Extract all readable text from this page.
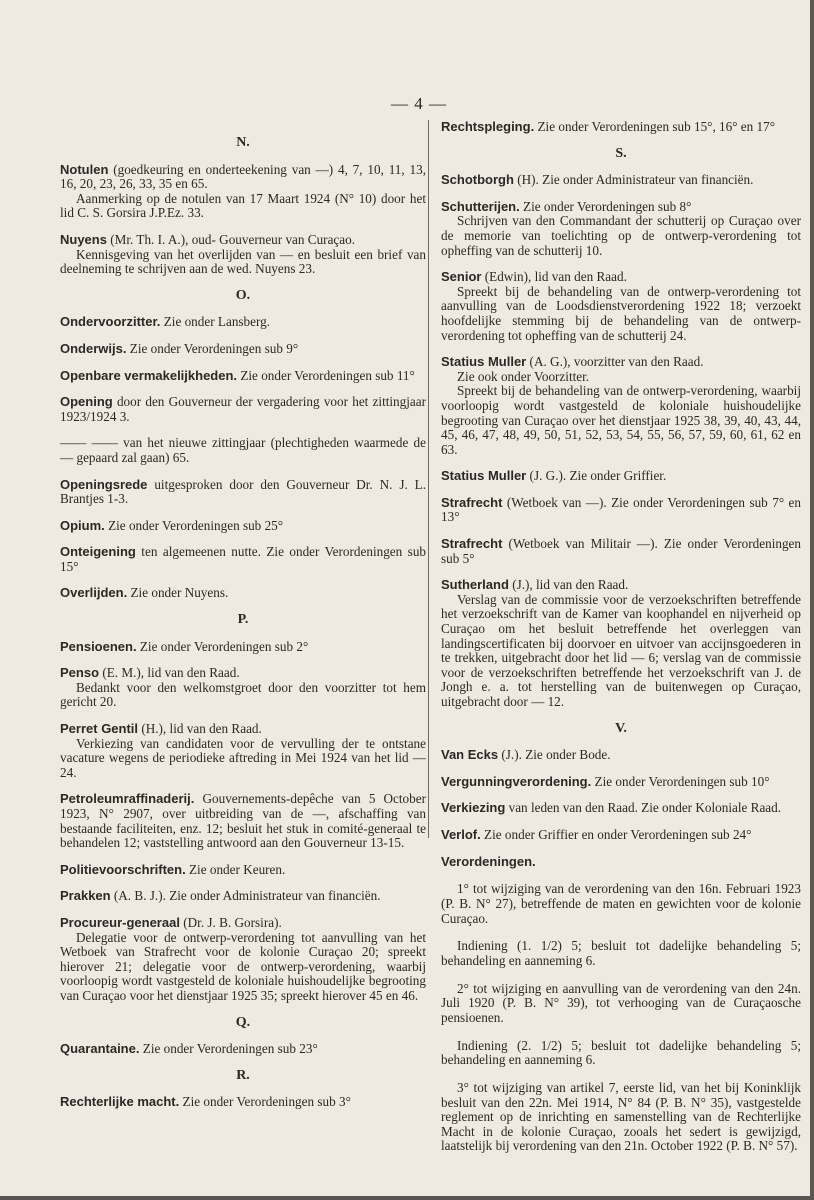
— 4 —
N.

Notulen (goedkeuring en onderteekening van —) 4, 7, 10, 11, 13, 16, 20, 23, 26, 33, 35 en 65.

Aanmerking op de notulen van 17 Maart 1924 (N° 10) door het lid C. S. Gorsira J.P.Ez. 33.

Nuyens (Mr. Th. I. A.), oud- Gouverneur van Curaçao.

Kennisgeving van het overlijden van — en besluit een brief van deelneming te schrijven aan de wed. Nuyens 23.

O.

Ondervoorzitter. Zie onder Lansberg.

Onderwijs. Zie onder Verordeningen sub 9°

Openbare vermakelijkheden. Zie onder Verordeningen sub 11°

Opening door den Gouverneur der vergadering voor het zittingjaar 1923/1924 3.

—— —— van het nieuwe zittingjaar (plechtigheden waarmede de — gepaard zal gaan) 65.

Openingsrede uitgesproken door den Gouverneur Dr. N. J. L. Brantjes 1-3.

Opium. Zie onder Verordeningen sub 25°

Onteigening ten algemeenen nutte. Zie onder Verordeningen sub 15°

Overlijden. Zie onder Nuyens.

P.

Pensioenen. Zie onder Verordeningen sub 2°

Penso (E. M.), lid van den Raad.

Bedankt voor den welkomstgroet door den voorzitter tot hem gericht 20.

Perret Gentil (H.), lid van den Raad.

Verkiezing van candidaten voor de vervulling der te ontstane vacature wegens de periodieke aftreding in Mei 1924 van het lid — 24.

Petroleumraffinaderij. Gouvernements-depêche van 5 October 1923, N° 2907, over uitbreiding van de —, afschaffing van bestaande faciliteiten, enz. 12; besluit het stuk in comité-generaal te behandelen 12; vaststelling antwoord aan den Gouverneur 13-15.

Politievoorschriften. Zie onder Keuren.

Prakken (A. B. J.). Zie onder Administrateur van financiën.

Procureur-generaal (Dr. J. B. Gorsira).

Delegatie voor de ontwerp-verordening tot aanvulling van het Wetboek van Strafrecht voor de kolonie Curaçao 20; spreekt hierover 21; delegatie voor de ontwerp-verordening, waarbij voorloopig wordt vastgesteld de koloniale huishoudelijke begrooting van Curaçao voor het dienstjaar 1925 35; spreekt hierover 45 en 46.

Q.

Quarantaine. Zie onder Verordeningen sub 23°

R.

Rechterlijke macht. Zie onder Verordeningen sub 3°

Rechtspleging. Zie onder Verordeningen sub 15°, 16° en 17°

S.

Schotborgh (H). Zie onder Administrateur van financiën.

Schutterijen. Zie onder Verordeningen sub 8°

Schrijven van den Commandant der schutterij op Curaçao over de memorie van toelichting op de ontwerp-verordening tot opheffing van de schutterij 10.

Senior (Edwin), lid van den Raad.

Spreekt bij de behandeling van de ontwerp-verordening tot aanvulling van de Loodsdienstverordening 1922 18; verzoekt hoofdelijke stemming bij de behandeling van de ontwerp-verordening tot opheffing van de schutterij 24.

Statius Muller (A. G.), voorzitter van den Raad.

Zie ook onder Voorzitter.

Spreekt bij de behandeling van de ontwerp-verordening, waarbij voorloopig wordt vastgesteld de koloniale huishoudelijke begrooting van Curaçao over het dienstjaar 1925 38, 39, 40, 43, 44, 45, 46, 47, 48, 49, 50, 51, 52, 53, 54, 55, 56, 57, 59, 60, 61, 62 en 63.

Statius Muller (J. G.). Zie onder Griffier.

Strafrecht (Wetboek van —). Zie onder Verordeningen sub 7° en 13°

Strafrecht (Wetboek van Militair —). Zie onder Verordeningen sub 5°

Sutherland (J.), lid van den Raad.

Verslag van de commissie voor de verzoekschriften betreffende het verzoekschrift van de Kamer van koophandel en nijverheid op Curaçao om het besluit betreffende het overleggen van landingscertificaten bij doorvoer en uitvoer van accijnsgoederen in te trekken, uitgebracht door het lid — 6; verslag van de commissie voor de verzoekschriften betreffende het verzoekschrift van J. de Jongh e. a. tot herstelling van de buitenwegen op Curaçao, uitgebracht door — 12.

V.

Van Ecks (J.). Zie onder Bode.

Vergunningverordening. Zie onder Verordeningen sub 10°

Verkiezing van leden van den Raad. Zie onder Koloniale Raad.

Verlof. Zie onder Griffier en onder Verordeningen sub 24°

Verordeningen.

1° tot wijziging van de verordening van den 16n. Februari 1923 (P. B. N° 27), betreffende de maten en gewichten voor de kolonie Curaçao.

Indiening (1. 1/2) 5; besluit tot dadelijke behandeling 5; behandeling en aanneming 6.

2° tot wijziging en aanvulling van de verordening van den 24n. Juli 1920 (P. B. N° 39), tot verhooging van de Curaçaosche pensioenen.

Indiening (2. 1/2) 5; besluit tot dadelijke behandeling 5; behandeling en aanneming 6.

3° tot wijziging van artikel 7, eerste lid, van het bij Koninklijk besluit van den 22n. Mei 1914, N° 84 (P. B. N° 35), vastgestelde reglement op de inrichting en samenstelling van de Rechterlijke Macht in de kolonie Curaçao, zooals het sedert is gewijzigd, laatstelijk bij verordening van den 21n. October 1922 (P. B. N° 57).
